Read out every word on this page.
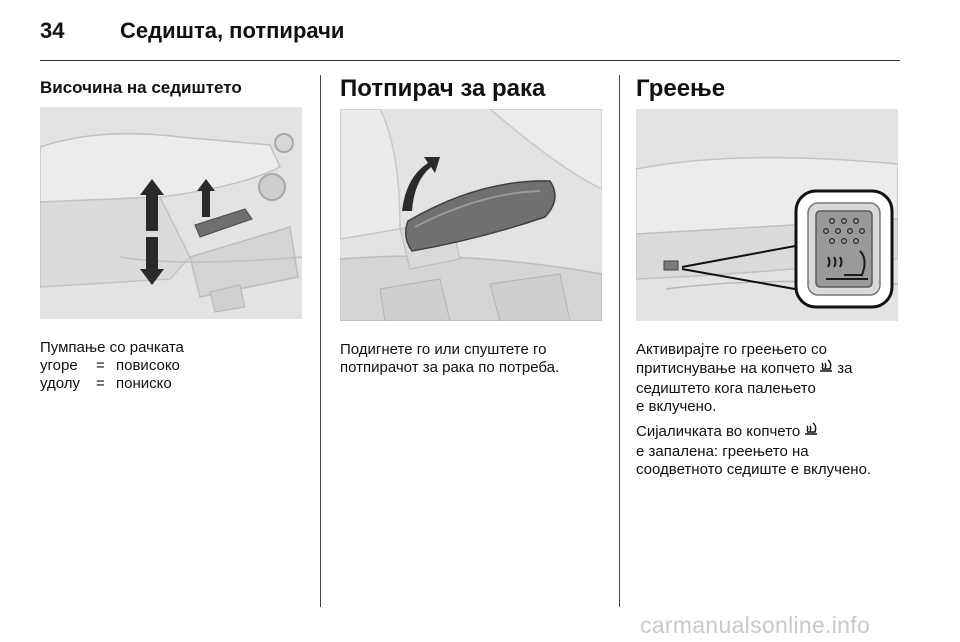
34	Седишта, потпирачи
Височина на седиштето

Пумпање со рачката

угоре	=	повисоко
удолу	=	пониско
Потпирач за рака

Подигнете го или спуштете го
потпирачот за рака по потреба.

Греење

Активирајте го греењето со
притиснување на копчето за
седиштето кога палењето
е вклучено.

Сијаличката во копчето
е запалена: греењето на
соодветното седиште е вклучено.

carmanualsonline.info
